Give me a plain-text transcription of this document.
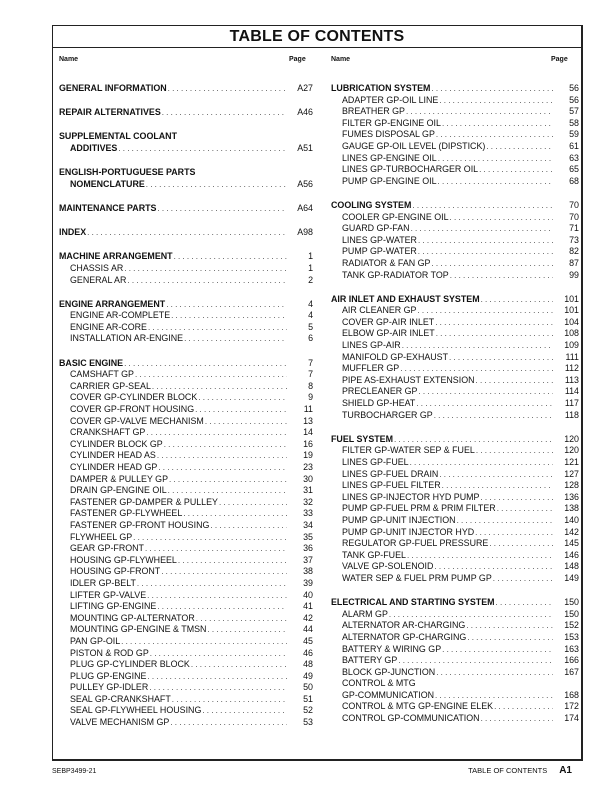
TABLE OF CONTENTS
Name	Page	Name	Page
GENERAL INFORMATION . . .	A27
REPAIR ALTERNATIVES . . .	A46
SUPPLEMENTAL COOLANT
ADDITIVES . . .	A51
ENGLISH-PORTUGUESE PARTS
NOMENCLATURE . . .	A56
MAINTENANCE PARTS . . .	A64
INDEX . . .	A98
MACHINE ARRANGEMENT . . .	1
CHASSIS AR . . .	1
GENERAL AR . . .	2
ENGINE ARRANGEMENT . . .	4
ENGINE AR-COMPLETE . . .	4
ENGINE AR-CORE . . .	5
INSTALLATION AR-ENGINE . . .	6
BASIC ENGINE . . .	7
CAMSHAFT GP . . .	7
CARRIER GP-SEAL . . .	8
COVER GP-CYLINDER BLOCK . . .	9
COVER GP-FRONT HOUSING . . .	11
COVER GP-VALVE MECHANISM . . .	13
CRANKSHAFT GP . . .	14
CYLINDER BLOCK GP . . .	16
CYLINDER HEAD AS . . .	19
CYLINDER HEAD GP . . .	23
DAMPER & PULLEY GP . . .	30
DRAIN GP-ENGINE OIL . . .	31
FASTENER GP-DAMPER & PULLEY . . .	32
FASTENER GP-FLYWHEEL . . .	33
FASTENER GP-FRONT HOUSING . . .	34
FLYWHEEL GP . . .	35
GEAR GP-FRONT . . .	36
HOUSING GP-FLYWHEEL . . .	37
HOUSING GP-FRONT . . .	38
IDLER GP-BELT . . .	39
LIFTER GP-VALVE . . .	40
LIFTING GP-ENGINE . . .	41
MOUNTING GP-ALTERNATOR . . .	42
MOUNTING GP-ENGINE & TMSN . . .	44
PAN GP-OIL . . .	45
PISTON & ROD GP . . .	46
PLUG GP-CYLINDER BLOCK . . .	48
PLUG GP-ENGINE . . .	49
PULLEY GP-IDLER . . .	50
SEAL GP-CRANKSHAFT . . .	51
SEAL GP-FLYWHEEL HOUSING . . .	52
VALVE MECHANISM GP . . .	53
LUBRICATION SYSTEM . . .	56
ADAPTER GP-OIL LINE . . .	56
BREATHER GP . . .	57
FILTER GP-ENGINE OIL . . .	58
FUMES DISPOSAL GP . . .	59
GAUGE GP-OIL LEVEL (DIPSTICK) . . .	61
LINES GP-ENGINE OIL . . .	63
LINES GP-TURBOCHARGER OIL . . .	65
PUMP GP-ENGINE OIL . . .	68
COOLING SYSTEM . . .	70
COOLER GP-ENGINE OIL . . .	70
GUARD GP-FAN . . .	71
LINES GP-WATER . . .	73
PUMP GP-WATER . . .	82
RADIATOR & FAN GP . . .	87
TANK GP-RADIATOR TOP . . .	99
AIR INLET AND EXHAUST SYSTEM . . .	101
AIR CLEANER GP . . .	101
COVER GP-AIR INLET . . .	104
ELBOW GP-AIR INLET . . .	108
LINES GP-AIR . . .	109
MANIFOLD GP-EXHAUST . . .	111
MUFFLER GP . . .	112
PIPE AS-EXHAUST EXTENSION . . .	113
PRECLEANER GP . . .	114
SHIELD GP-HEAT . . .	117
TURBOCHARGER GP . . .	118
FUEL SYSTEM . . .	120
FILTER GP-WATER SEP & FUEL . . .	120
LINES GP-FUEL . . .	121
LINES GP-FUEL DRAIN . . .	127
LINES GP-FUEL FILTER . . .	128
LINES GP-INJECTOR HYD PUMP . . .	136
PUMP GP-FUEL PRM & PRIM FILTER . . .	138
PUMP GP-UNIT INJECTION . . .	140
PUMP GP-UNIT INJECTOR HYD . . .	142
REGULATOR GP-FUEL PRESSURE . . .	145
TANK GP-FUEL . . .	146
VALVE GP-SOLENOID . . .	148
WATER SEP & FUEL PRM PUMP GP . . .	149
ELECTRICAL AND STARTING SYSTEM . . .	150
ALARM GP . . .	150
ALTERNATOR AR-CHARGING . . .	152
ALTERNATOR GP-CHARGING . . .	153
BATTERY & WIRING GP . . .	163
BATTERY GP . . .	166
BLOCK GP-JUNCTION . . .	167
CONTROL & MTG
GP-COMMUNICATION . . .	168
CONTROL & MTG GP-ENGINE ELEK . . .	172
CONTROL GP-COMMUNICATION . . .	174
SEBP3499-21	TABLE OF CONTENTS A1
